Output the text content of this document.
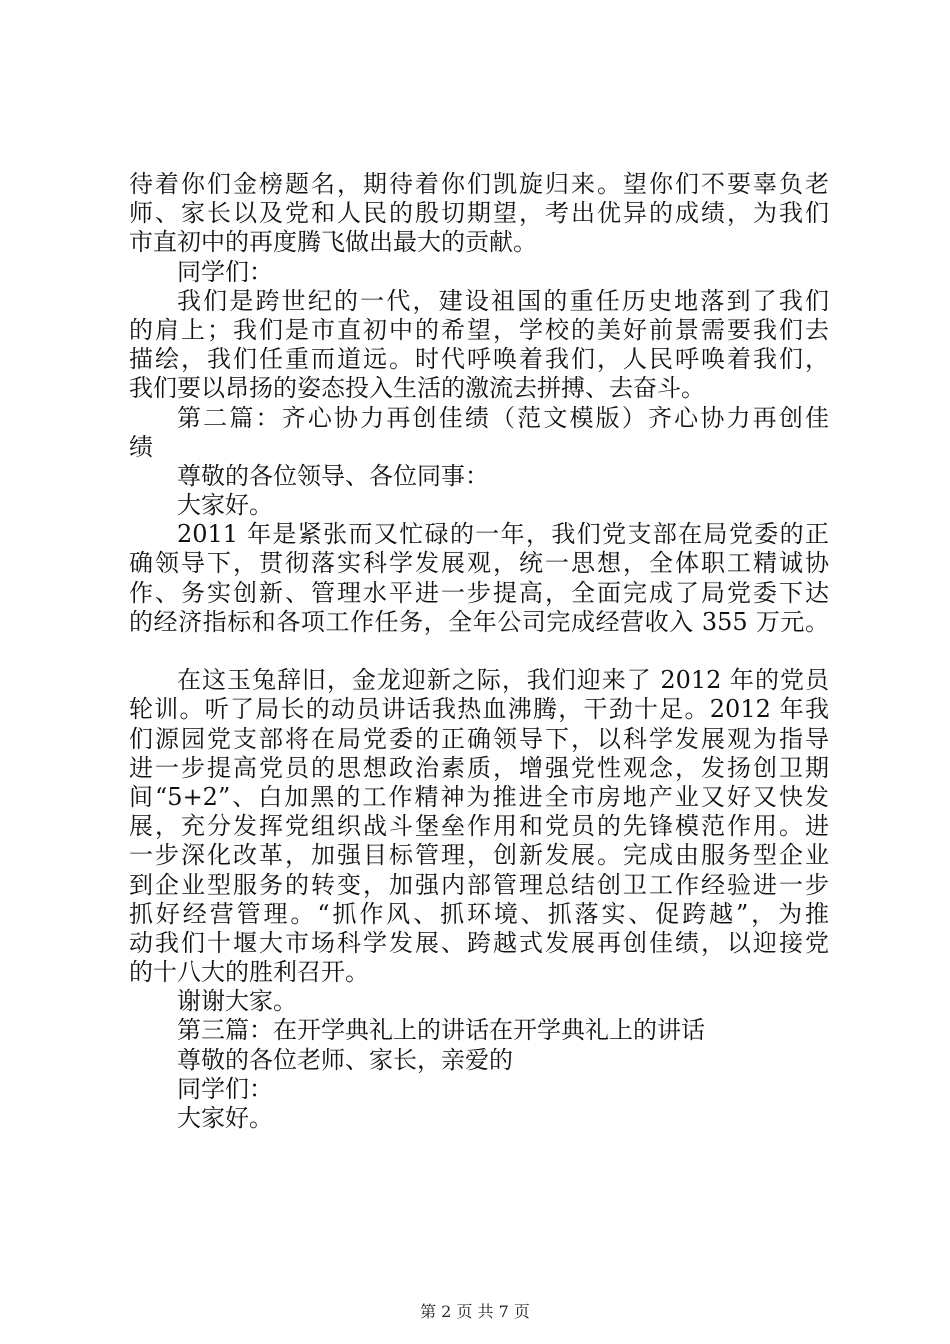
待着你们金榜题名，期待着你们凯旋归来。望你们不要辜负老
师、家长以及党和人民的殷切期望，考出优异的成绩，为我们
市直初中的再度腾飞做出最大的贡献。
同学们：
我们是跨世纪的一代，建设祖国的重任历史地落到了我们
的肩上；我们是市直初中的希望，学校的美好前景需要我们去
描绘，我们任重而道远。时代呼唤着我们，人民呼唤着我们，
我们要以昂扬的姿态投入生活的激流去拼搏、去奋斗。
第二篇：齐心协力再创佳绩（范文模版）齐心协力再创佳
绩
尊敬的各位领导、各位同事：
大家好。
2011 年是紧张而又忙碌的一年，我们党支部在局党委的正
确领导下，贯彻落实科学发展观，统一思想，全体职工精诚协
作、务实创新、管理水平进一步提高，全面完成了局党委下达
的经济指标和各项工作任务，全年公司完成经营收入 355 万元。
在这玉兔辞旧，金龙迎新之际，我们迎来了 2012 年的党员
轮训。听了局长的动员讲话我热血沸腾，干劲十足。2012 年我
们源园党支部将在局党委的正确领导下，以科学发展观为指导
进一步提高党员的思想政治素质，增强党性观念，发扬创卫期
间“5+2”、白加黑的工作精神为推进全市房地产业又好又快发
展，充分发挥党组织战斗堡垒作用和党员的先锋模范作用。进
一步深化改革，加强目标管理，创新发展。完成由服务型企业
到企业型服务的转变，加强内部管理总结创卫工作经验进一步
抓好经营管理。“抓作风、抓环境、抓落实、促跨越”，为推
动我们十堰大市场科学发展、跨越式发展再创佳绩，以迎接党
的十八大的胜利召开。
谢谢大家。
第三篇：在开学典礼上的讲话在开学典礼上的讲话
尊敬的各位老师、家长，亲爱的
同学们：
大家好。
第 2 页 共 7 页
